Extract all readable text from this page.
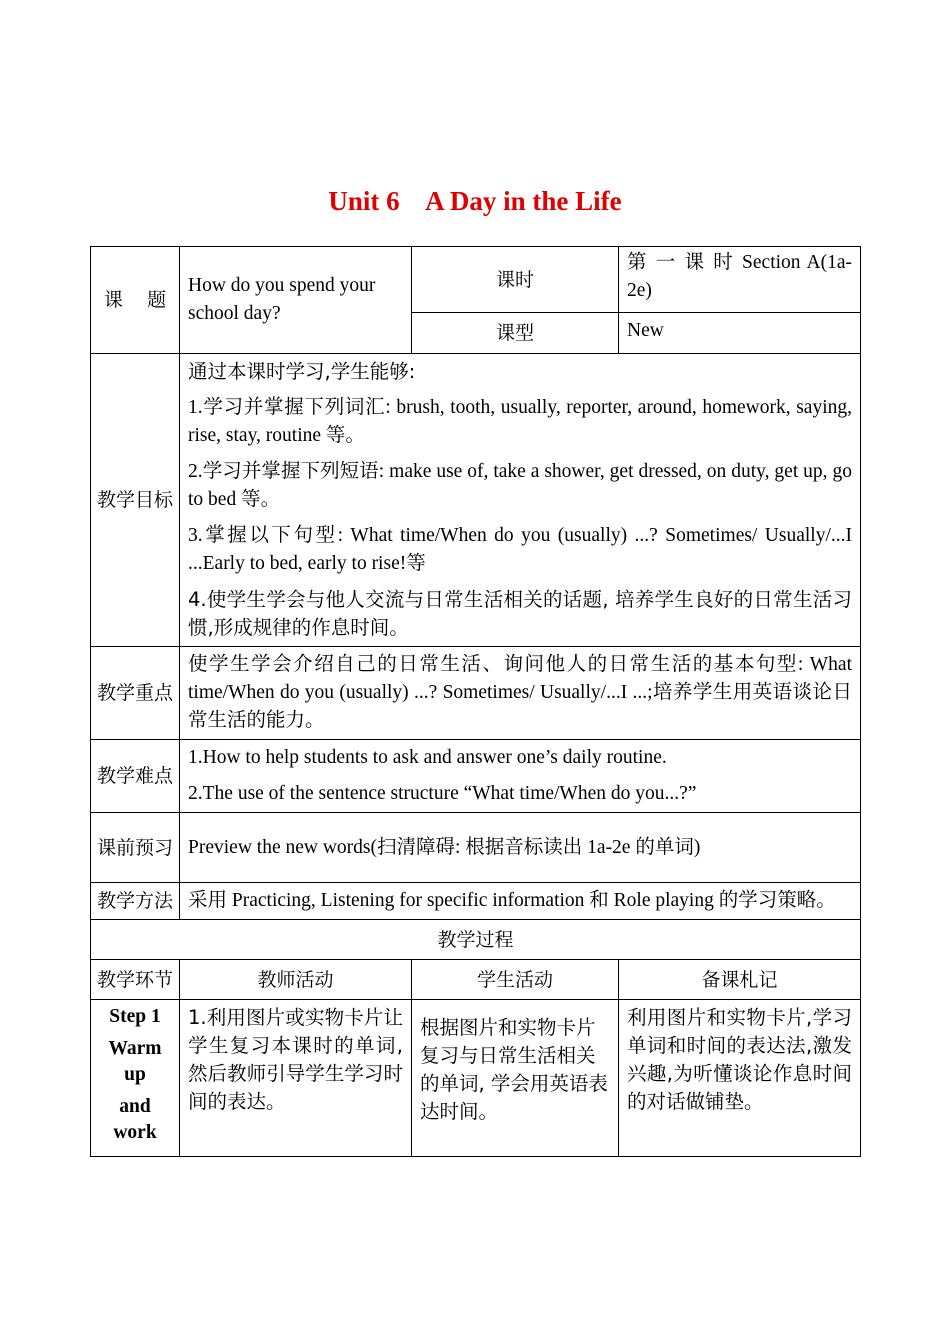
Unit 6    A Day in the Life
课    题	How do you spend your school day?	课时	第 一 课 时 Section A(1a-2e)
		课型	New
教学目标	通过本课时学习,学生能够:

1.学习并掌握下列词汇: brush, tooth, usually, reporter, around, homework, saying, rise, stay, routine 等。

2.学习并掌握下列短语: make use of, take a shower, get dressed, on duty, get up, go to bed 等。

3.掌握以下句型: What time/When do you (usually) ...? Sometimes/ Usually/...I ...Early to bed, early to rise!等

4.使学生学会与他人交流与日常生活相关的话题, 培养学生良好的日常生活习惯,形成规律的作息时间。		

教学重点	使学生学会介绍自己的日常生活、询问他人的日常生活的基本句型: What time/When do you (usually) ...? Sometimes/ Usually/...I ...;培养学生用英语谈论日常生活的能力。		
教学难点	1.How to help students to ask and answer one’s daily routine.

2.The use of the sentence structure “What time/When do you...?”		

课前预习	Preview the new words(扫清障碍: 根据音标读出 1a-2e 的单词)		
教学方法	采用 Practicing, Listening for specific information 和 Role playing 的学习策略。		
教学过程			
教学环节	教师活动	学生活动	备课札记

Step 1
Warm up
and work	1.利用图片或实物卡片让学生复习本课时的单词, 然后教师引导学生学习时间的表达。	根据图片和实物卡片复习与日常生活相关的单词, 学会用英语表达时间。	利用图片和实物卡片,学习单词和时间的表达法,激发兴趣,为听懂谈论作息时间的对话做铺垫。
